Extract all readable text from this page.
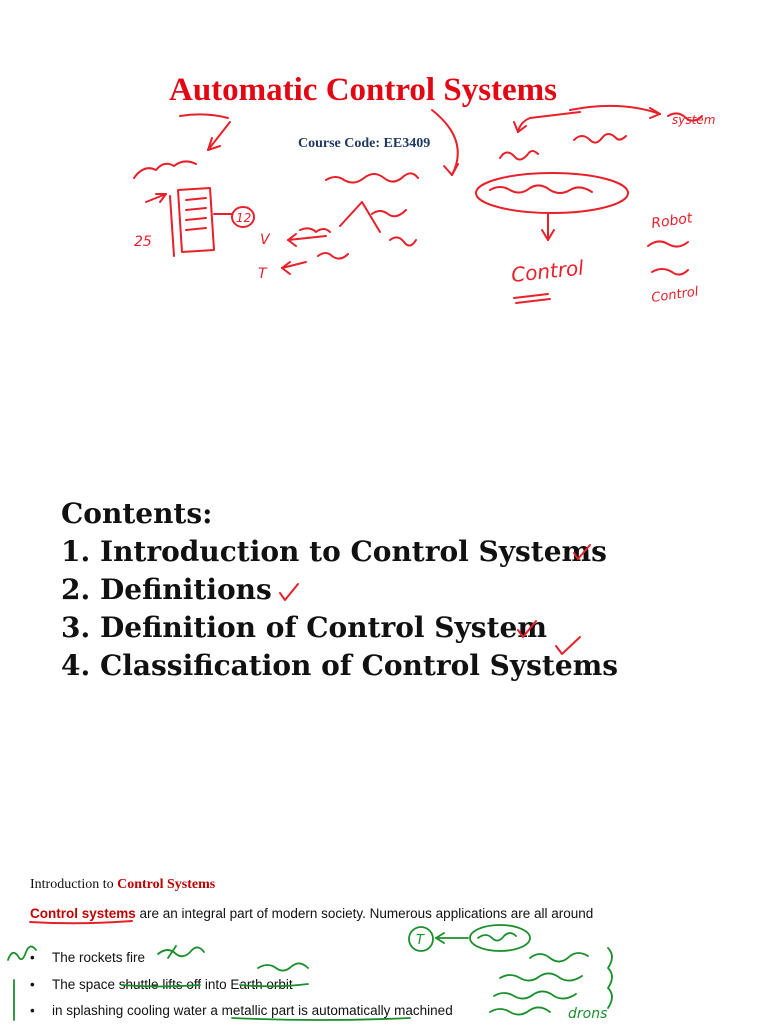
Automatic Control Systems
Course Code: EE3409
system
Control
Robot
Control
25
12
V
T
Contents:
1. Introduction to Control Systems
2. Definitions
3. Definition of Control System
4. Classification of Control Systems
Introduction to Control Systems
Control systems are an integral part of modern society. Numerous applications are all around
• The rockets fire
• The space shuttle lifts off into Earth orbit
• in splashing cooling water a metallic part is automatically machined
T
drons
